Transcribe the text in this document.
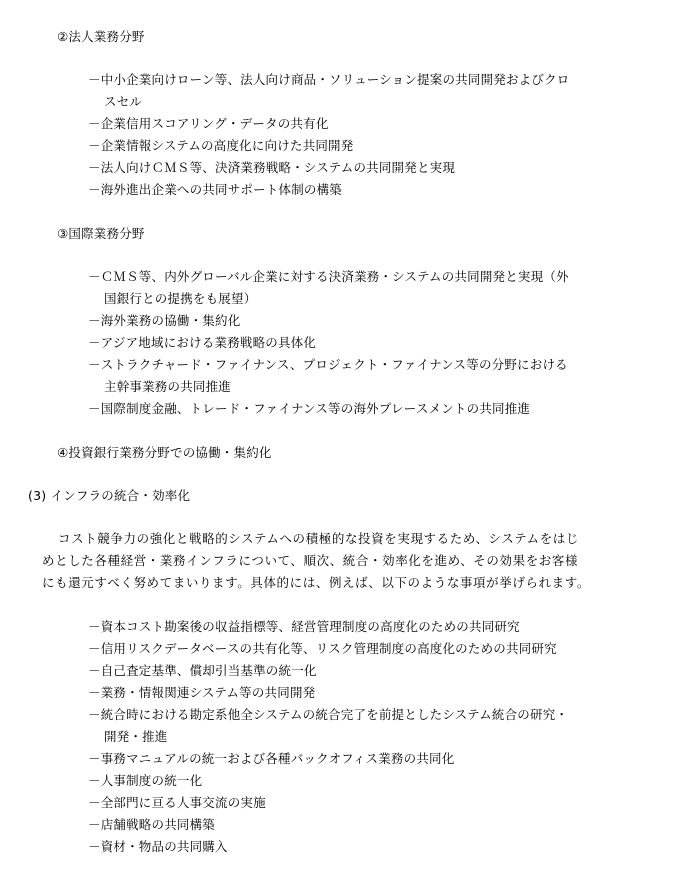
②法人業務分野
－中小企業向けローン等、法人向け商品・ソリューション提案の共同開発およびクロ
スセル
－企業信用スコアリング・データの共有化
－企業情報システムの高度化に向けた共同開発
－法人向けＣＭＳ等、決済業務戦略・システムの共同開発と実現
－海外進出企業への共同サポート体制の構築
③国際業務分野
－ＣＭＳ等、内外グローバル企業に対する決済業務・システムの共同開発と実現（外
国銀行との提携をも展望）
－海外業務の協働・集約化
－アジア地域における業務戦略の具体化
－ストラクチャード・ファイナンス、プロジェクト・ファイナンス等の分野における
主幹事業務の共同推進
－国際制度金融、トレード・ファイナンス等の海外プレースメントの共同推進
④投資銀行業務分野での協働・集約化
(3) インフラの統合・効率化
コスト競争力の強化と戦略的システムへの積極的な投資を実現するため、システムをはじ
めとした各種経営・業務インフラについて、順次、統合・効率化を進め、その効果をお客様
にも還元すべく努めてまいります。具体的には、例えば、以下のような事項が挙げられます。
－資本コスト勘案後の収益指標等、経営管理制度の高度化のための共同研究
－信用リスクデータベースの共有化等、リスク管理制度の高度化のための共同研究
－自己査定基準、償却引当基準の統一化
－業務・情報関連システム等の共同開発
－統合時における勘定系他全システムの統合完了を前提としたシステム統合の研究・
開発・推進
－事務マニュアルの統一および各種バックオフィス業務の共同化
－人事制度の統一化
－全部門に亘る人事交流の実施
－店舗戦略の共同構築
－資材・物品の共同購入
